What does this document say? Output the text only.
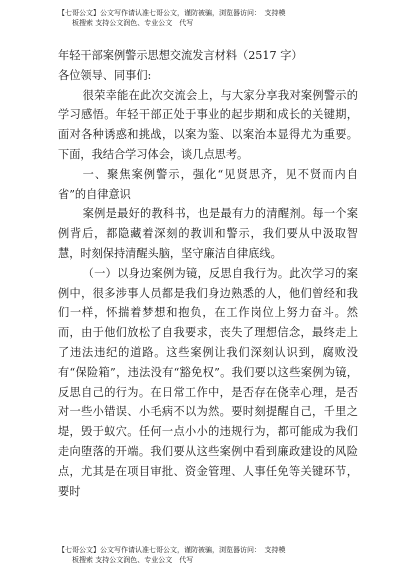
【七哥公文】公文写作请认准七哥公文，谨防被骗，浏览器访问：　支持模
板搜索 支持公文润色、专业公文　代写

年轻干部案例警示思想交流发言材料（2517 字）

各位领导、同事们:

很荣幸能在此次交流会上，与大家分享我对案例警示的学习感悟。年轻干部正处于事业的起步期和成长的关键期，面对各种诱惑和挑战，以案为鉴、以案治本显得尤为重要。下面，我结合学习体会，谈几点思考。

一、聚焦案例警示，强化“见贤思齐，见不贤而内自省”的自律意识

案例是最好的教科书，也是最有力的清醒剂。每一个案例背后，都隐藏着深刻的教训和警示，我们要从中汲取智慧，时刻保持清醒头脑，坚守廉洁自律底线。

（一）以身边案例为镜，反思自我行为。此次学习的案例中，很多涉事人员都是我们身边熟悉的人，他们曾经和我们一样，怀揣着梦想和抱负，在工作岗位上努力奋斗。然而，由于他们放松了自我要求，丧失了理想信念，最终走上了违法违纪的道路。这些案例让我们深刻认识到，腐败没有“保险箱”，违法没有“豁免权”。我们要以这些案例为镜，反思自己的行为。在日常工作中，是否存在侥幸心理，是否对一些小错误、小毛病不以为然。要时刻提醒自己，千里之堤，毁于蚁穴。任何一点小小的违规行为，都可能成为我们走向堕落的开端。我们要从这些案例中看到廉政建设的风险点，尤其是在项目审批、资金管理、人事任免等关键环节，要时

【七哥公文】公文写作请认准七哥公文，谨防被骗，浏览器访问：　支持模
板搜索 支持公文润色、专业公文　代写
